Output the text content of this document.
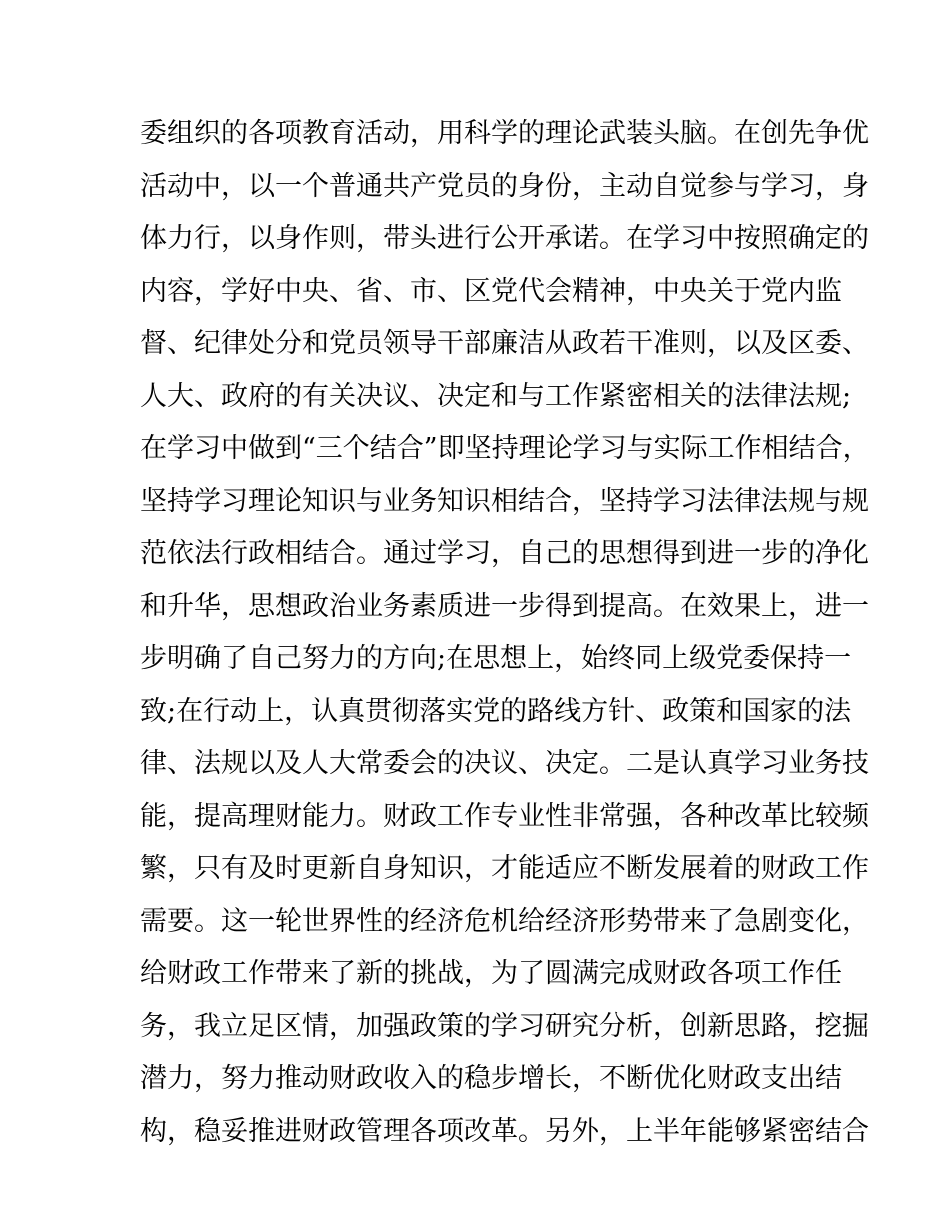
委组织的各项教育活动，用科学的理论武装头脑。在创先争优
活动中，以一个普通共产党员的身份，主动自觉参与学习，身
体力行，以身作则，带头进行公开承诺。在学习中按照确定的
内容，学好中央、省、市、区党代会精神，中央关于党内监
督、纪律处分和党员领导干部廉洁从政若干准则，以及区委、
人大、政府的有关决议、决定和与工作紧密相关的法律法规;
在学习中做到“三个结合”即坚持理论学习与实际工作相结合，
坚持学习理论知识与业务知识相结合，坚持学习法律法规与规
范依法行政相结合。通过学习，自己的思想得到进一步的净化
和升华，思想政治业务素质进一步得到提高。在效果上，进一
步明确了自己努力的方向;在思想上，始终同上级党委保持一
致;在行动上，认真贯彻落实党的路线方针、政策和国家的法
律、法规以及人大常委会的决议、决定。二是认真学习业务技
能，提高理财能力。财政工作专业性非常强，各种改革比较频
繁，只有及时更新自身知识，才能适应不断发展着的财政工作
需要。这一轮世界性的经济危机给经济形势带来了急剧变化，
给财政工作带来了新的挑战，为了圆满完成财政各项工作任
务，我立足区情，加强政策的学习研究分析，创新思路，挖掘
潜力，努力推动财政收入的稳步增长，不断优化财政支出结
构，稳妥推进财政管理各项改革。另外，上半年能够紧密结合
